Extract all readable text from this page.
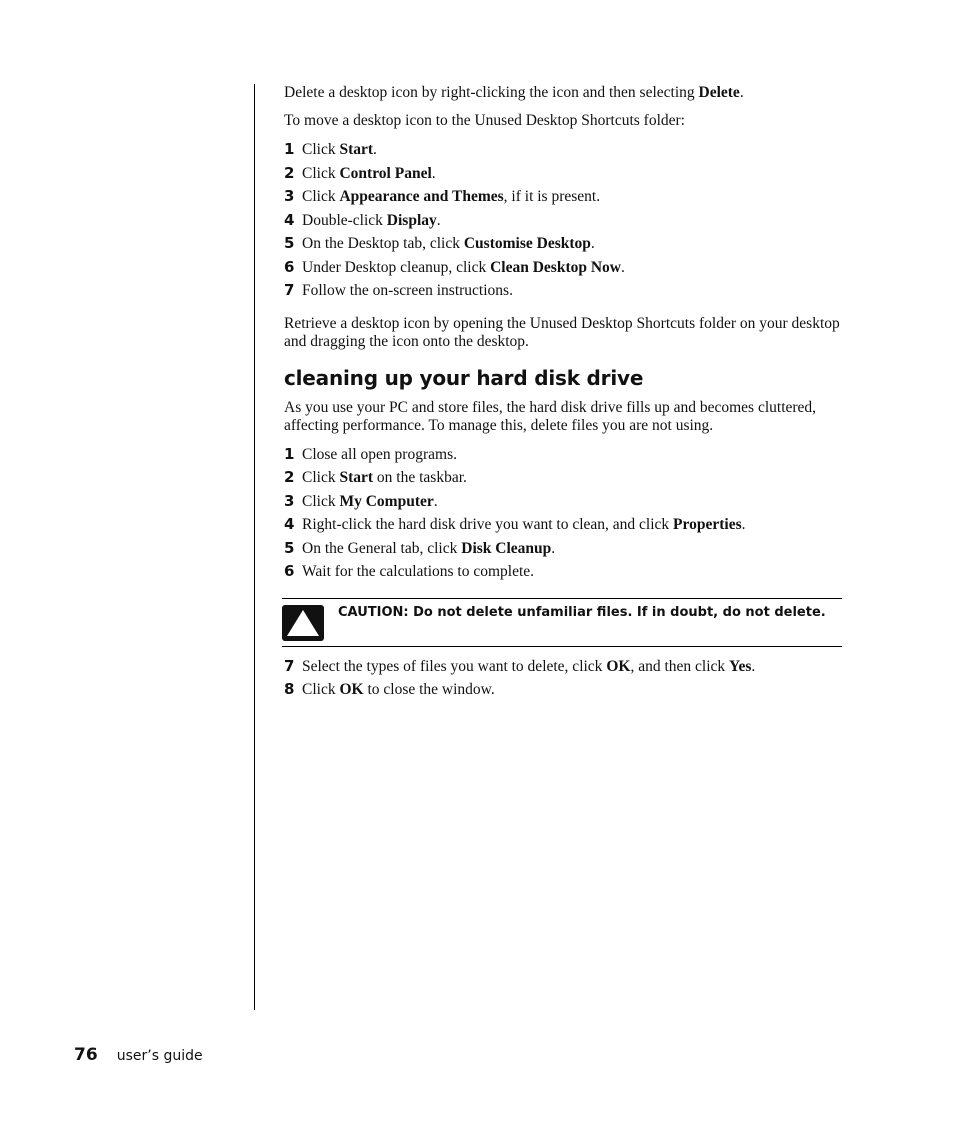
Delete a desktop icon by right-clicking the icon and then selecting Delete.

To move a desktop icon to the Unused Desktop Shortcuts folder:

1 Click Start.
2 Click Control Panel.
3 Click Appearance and Themes, if it is present.
4 Double-click Display.
5 On the Desktop tab, click Customise Desktop.
6 Under Desktop cleanup, click Clean Desktop Now.
7 Follow the on-screen instructions.

Retrieve a desktop icon by opening the Unused Desktop Shortcuts folder on your desktop and dragging the icon onto the desktop.

cleaning up your hard disk drive

As you use your PC and store files, the hard disk drive fills up and becomes cluttered, affecting performance. To manage this, delete files you are not using.

1 Close all open programs.
2 Click Start on the taskbar.
3 Click My Computer.
4 Right-click the hard disk drive you want to clean, and click Properties.
5 On the General tab, click Disk Cleanup.
6 Wait for the calculations to complete.
CAUTION: Do not delete unfamiliar files. If in doubt, do not delete.
7 Select the types of files you want to delete, click OK, and then click Yes.
8 Click OK to close the window.
76 user’s guide
